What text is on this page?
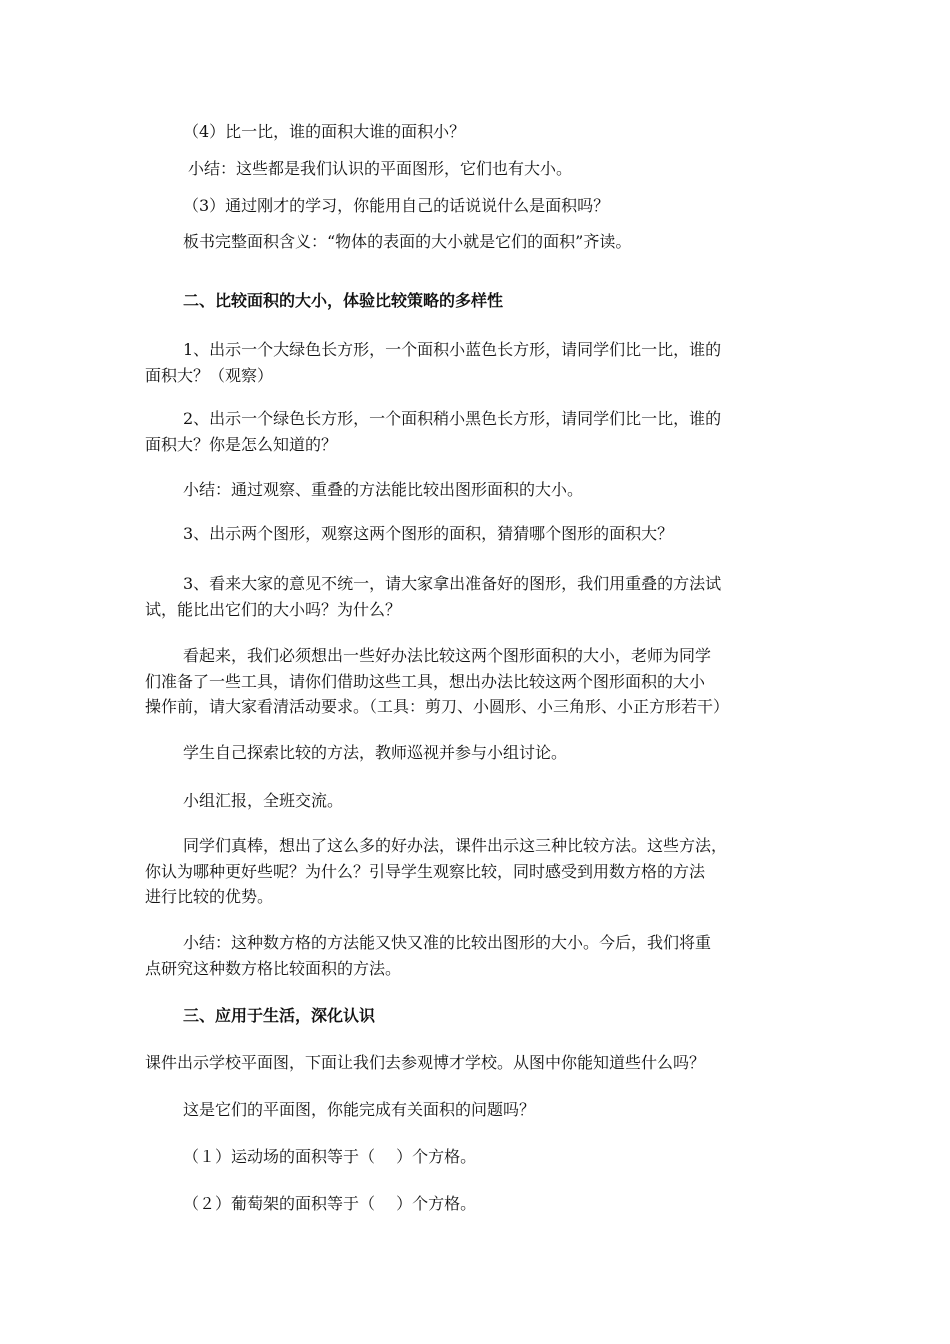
（4）比一比，谁的面积大谁的面积小？
小结：这些都是我们认识的平面图形，它们也有大小。
（3）通过刚才的学习，你能用自己的话说说什么是面积吗？
板书完整面积含义：“物体的表面的大小就是它们的面积”齐读。
二、比较面积的大小，体验比较策略的多样性
1、出示一个大绿色长方形，一个面积小蓝色长方形，请同学们比一比，谁的
面积大？（观察）
2、出示一个绿色长方形，一个面积稍小黑色长方形，请同学们比一比，谁的
面积大？你是怎么知道的？
小结：通过观察、重叠的方法能比较出图形面积的大小。
3、出示两个图形，观察这两个图形的面积，猜猜哪个图形的面积大？
3、看来大家的意见不统一，请大家拿出准备好的图形，我们用重叠的方法试
试，能比出它们的大小吗？为什么？
看起来，我们必须想出一些好办法比较这两个图形面积的大小，老师为同学
们准备了一些工具，请你们借助这些工具，想出办法比较这两个图形面积的大小
操作前，请大家看清活动要求。（工具：剪刀、小圆形、小三角形、小正方形若干）
学生自己探索比较的方法，教师巡视并参与小组讨论。
小组汇报，全班交流。
同学们真棒，想出了这么多的好办法，课件出示这三种比较方法。这些方法，
你认为哪种更好些呢？为什么？引导学生观察比较，同时感受到用数方格的方法
进行比较的优势。
小结：这种数方格的方法能又快又准的比较出图形的大小。今后，我们将重
点研究这种数方格比较面积的方法。
三、应用于生活，深化认识
课件出示学校平面图，下面让我们去参观博才学校。从图中你能知道些什么吗？
这是它们的平面图，你能完成有关面积的问题吗？
（１）运动场的面积等于（　 ）个方格。
（２）葡萄架的面积等于（　 ）个方格。
